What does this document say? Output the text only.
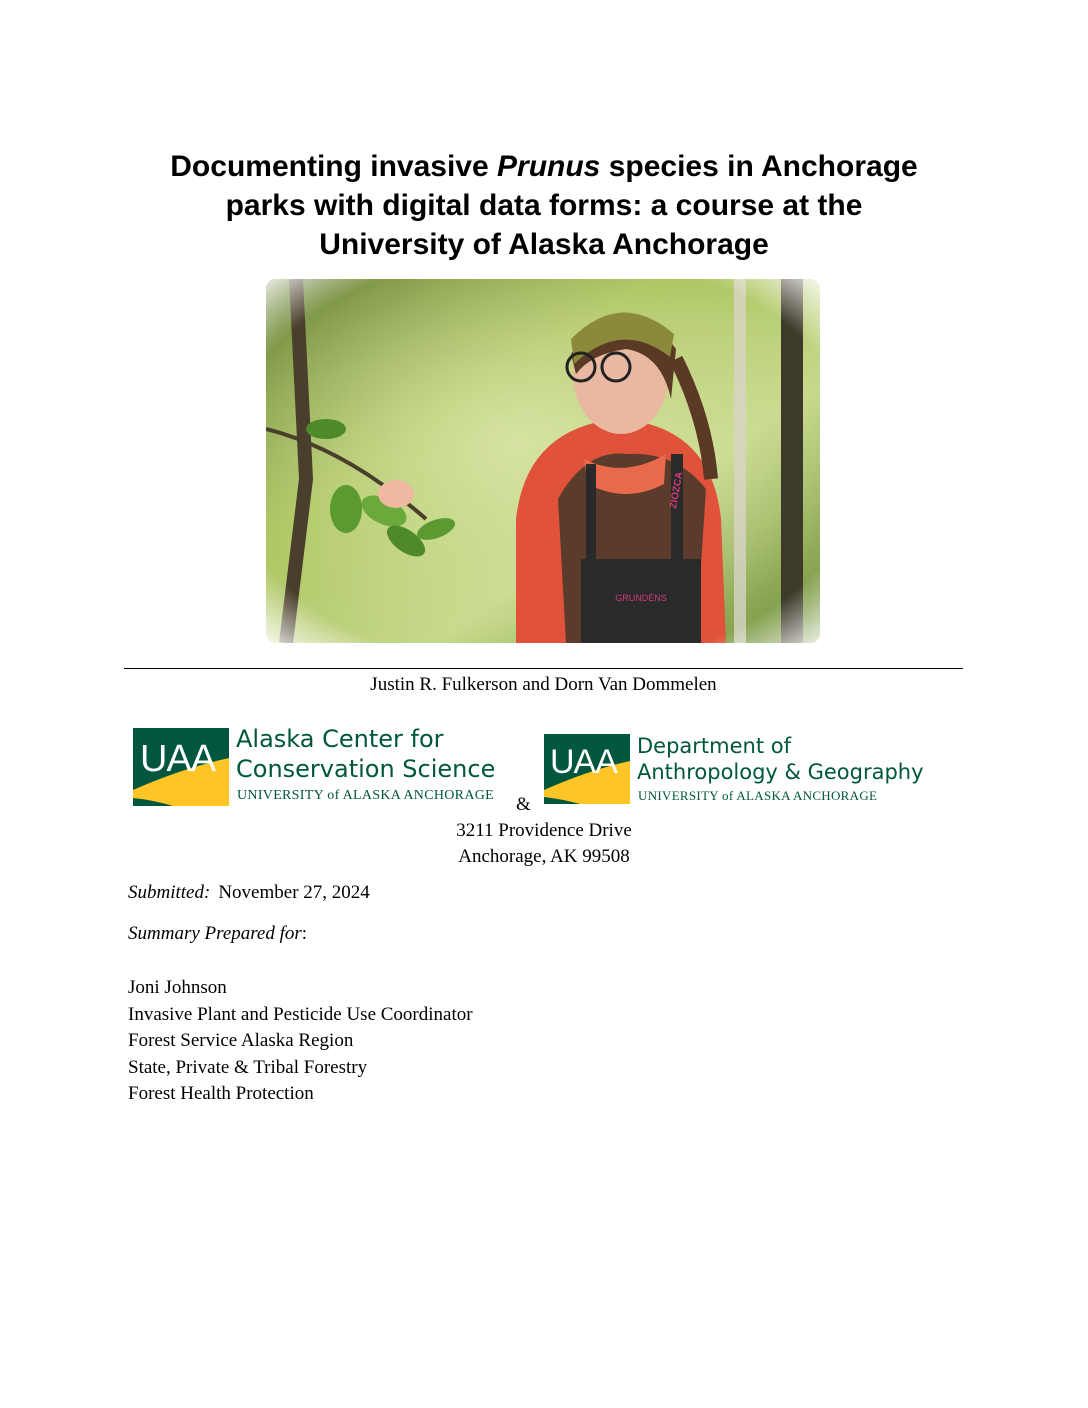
Documenting invasive Prunus species in Anchorage
parks with digital data forms: a course at the
University of Alaska Anchorage
Justin R. Fulkerson and Dorn Van Dommelen
UAA Alaska Center for
Conservation Science
UNIVERSITY of ALASKA ANCHORAGE &
UAA Department of
Anthropology & Geography
UNIVERSITY of ALASKA ANCHORAGE
3211 Providence Drive
Anchorage, AK 99508
Submitted: November 27, 2024
Summary Prepared for:
Joni Johnson
Invasive Plant and Pesticide Use Coordinator
Forest Service Alaska Region
State, Private & Tribal Forestry
Forest Health Protection
